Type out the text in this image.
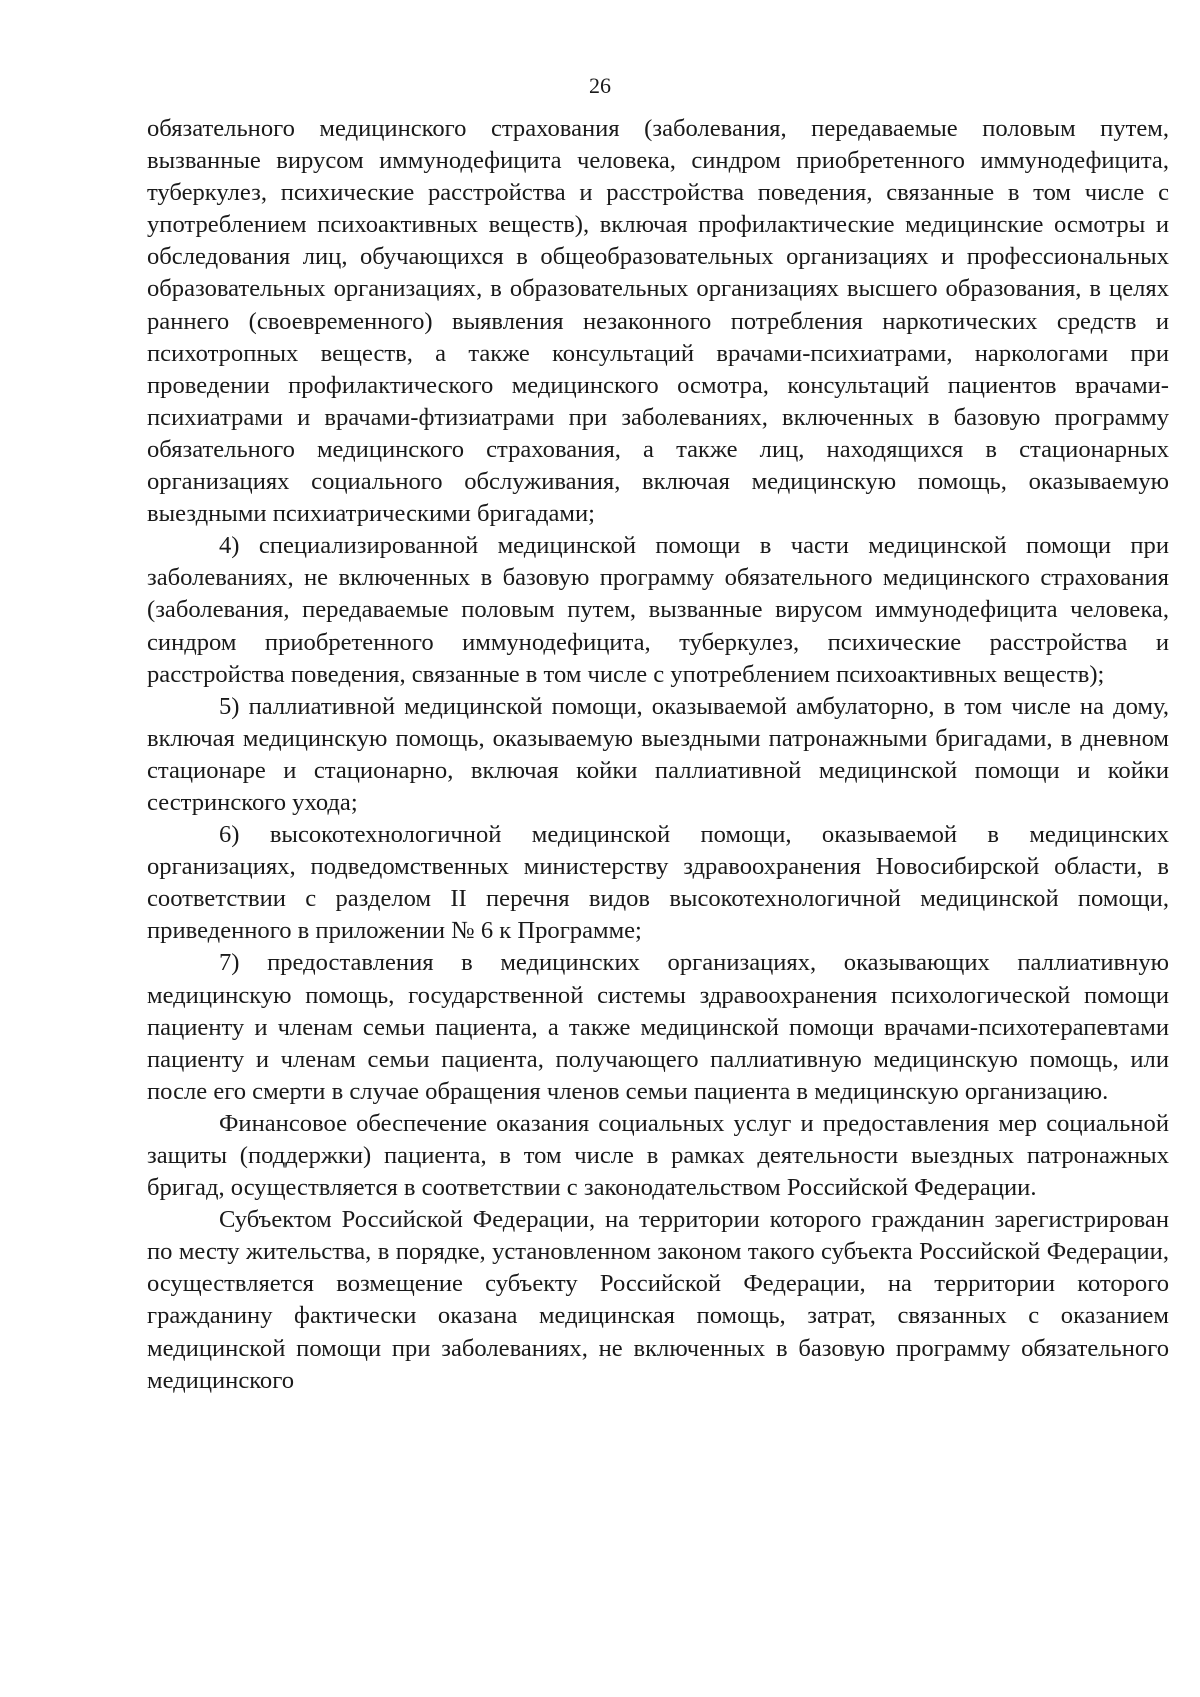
26

обязательного медицинского страхования (заболевания, передаваемые половым путем, вызванные вирусом иммунодефицита человека, синдром приобретенного иммунодефицита, туберкулез, психические расстройства и расстройства поведения, связанные в том числе с употреблением психоактивных веществ), включая профилактические медицинские осмотры и обследования лиц, обучающихся в общеобразовательных организациях и профессиональных образовательных организациях, в образовательных организациях высшего образования, в целях раннего (своевременного) выявления незаконного потребления наркотических средств и психотропных веществ, а также консультаций врачами-психиатрами, наркологами при проведении профилактического медицинского осмотра, консультаций пациентов врачами-психиатрами и врачами-фтизиатрами при заболеваниях, включенных в базовую программу обязательного медицинского страхования, а также лиц, находящихся в стационарных организациях социального обслуживания, включая медицинскую помощь, оказываемую выездными психиатрическими бригадами;

4) специализированной медицинской помощи в части медицинской помощи при заболеваниях, не включенных в базовую программу обязательного медицинского страхования (заболевания, передаваемые половым путем, вызванные вирусом иммунодефицита человека, синдром приобретенного иммунодефицита, туберкулез, психические расстройства и расстройства поведения, связанные в том числе с употреблением психоактивных веществ);

5) паллиативной медицинской помощи, оказываемой амбулаторно, в том числе на дому, включая медицинскую помощь, оказываемую выездными патронажными бригадами, в дневном стационаре и стационарно, включая койки паллиативной медицинской помощи и койки сестринского ухода;

6) высокотехнологичной медицинской помощи, оказываемой в медицинских организациях, подведомственных министерству здравоохранения Новосибирской области, в соответствии с разделом II перечня видов высокотехнологичной медицинской помощи, приведенного в приложении № 6 к Программе;

7) предоставления в медицинских организациях, оказывающих паллиативную медицинскую помощь, государственной системы здравоохранения психологической помощи пациенту и членам семьи пациента, а также медицинской помощи врачами-психотерапевтами пациенту и членам семьи пациента, получающего паллиативную медицинскую помощь, или после его смерти в случае обращения членов семьи пациента в медицинскую организацию.

Финансовое обеспечение оказания социальных услуг и предоставления мер социальной защиты (поддержки) пациента, в том числе в рамках деятельности выездных патронажных бригад, осуществляется в соответствии с законодательством Российской Федерации.

Субъектом Российской Федерации, на территории которого гражданин зарегистрирован по месту жительства, в порядке, установленном законом такого субъекта Российской Федерации, осуществляется возмещение субъекту Российской Федерации, на территории которого гражданину фактически оказана медицинская помощь, затрат, связанных с оказанием медицинской помощи при заболеваниях, не включенных в базовую программу обязательного медицинского
